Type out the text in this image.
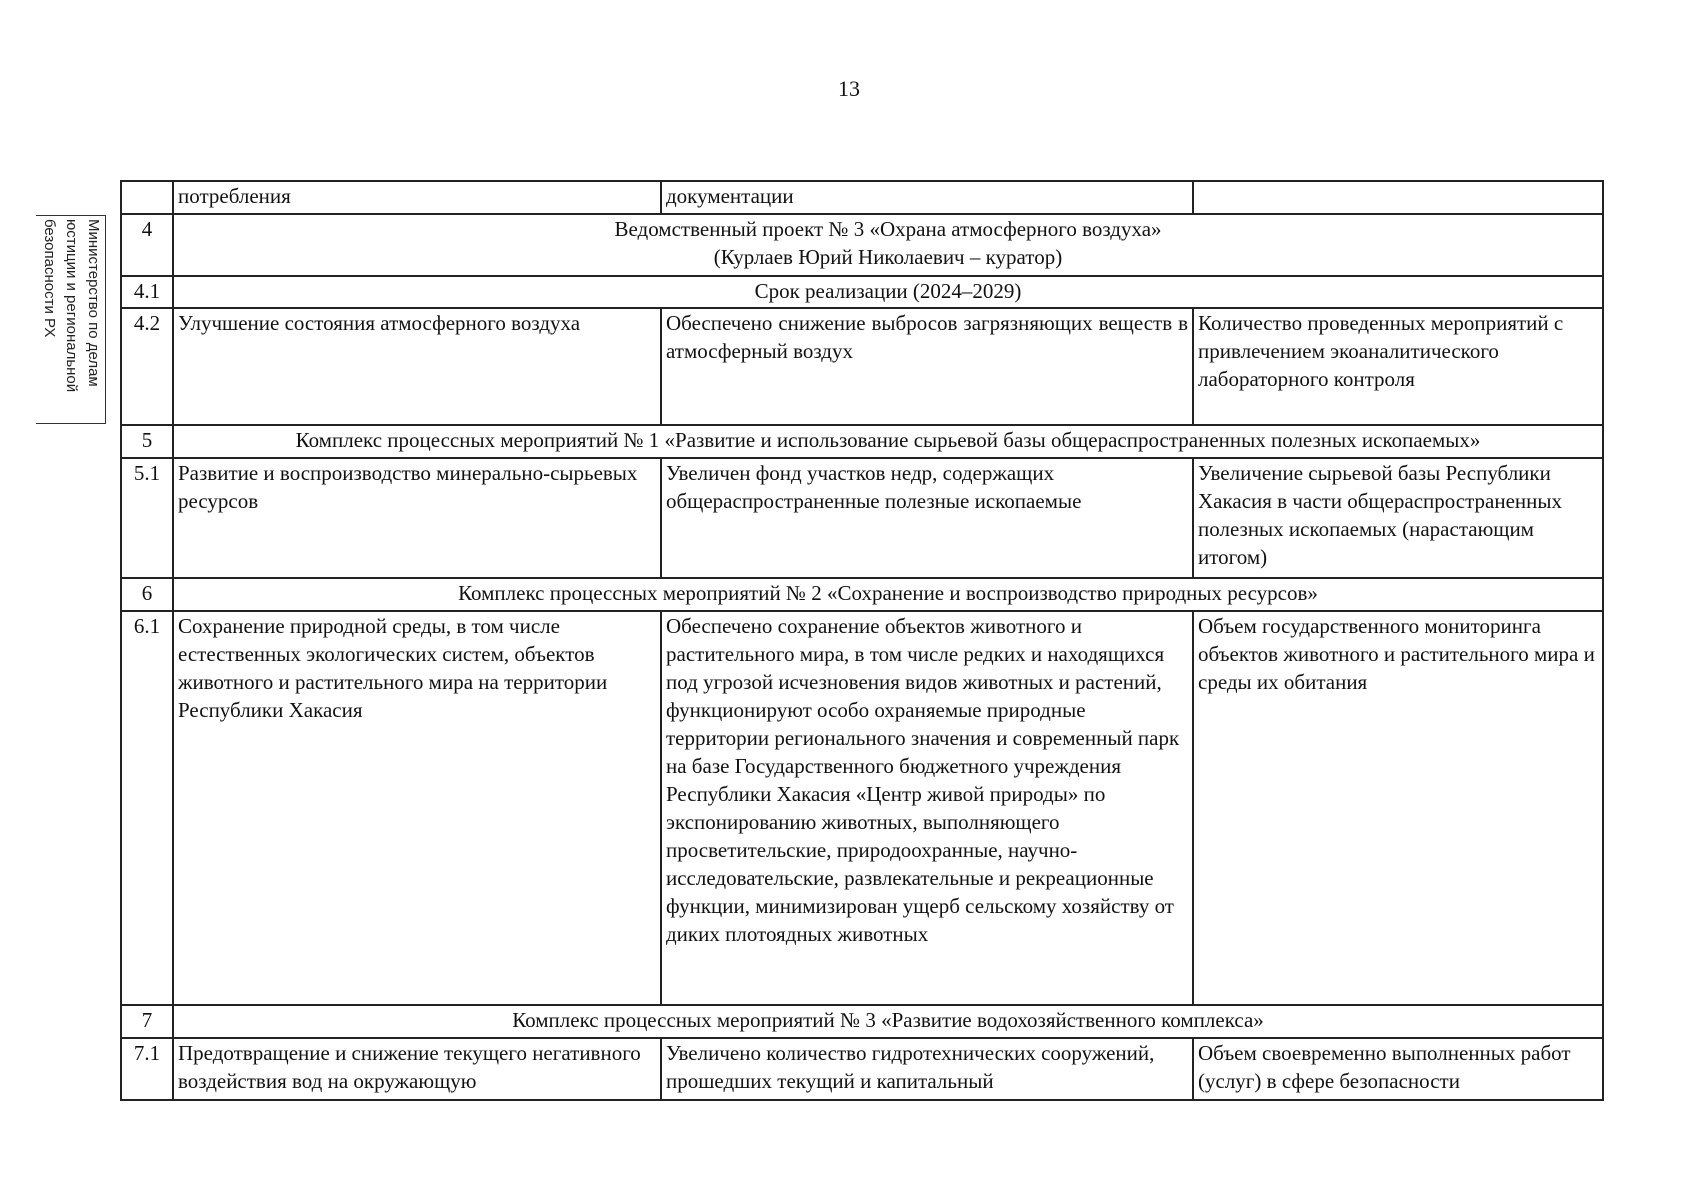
13
Министерство по делам
юстиции и региональной
безопасности РХ
	потребления	документации	
4	Ведомственный проект № 3 «Охрана атмосферного воздуха»
(Курлаев Юрий Николаевич – куратор)		

4.1	Срок реализации (2024–2029)		

4.2	Улучшение состояния атмосферного воздуха	Обеспечено снижение выбросов загрязняющих веществ в атмосферный воздух	Количество проведенных мероприятий с привлечением экоаналитического лабораторного контроля
5	Комплекс процессных мероприятий № 1 «Развитие и использование сырьевой базы общераспространенных полезных ископаемых»		

5.1	Развитие и воспроизводство минерально-сырьевых ресурсов	Увеличен фонд участков недр, содержащих общераспространенные полезные ископаемые	Увеличение сырьевой базы Республики Хакасия в части общераспространенных полезных ископаемых (нарастающим итогом)
6	Комплекс процессных мероприятий № 2 «Сохранение и воспроизводство природных ресурсов»		

6.1	Сохранение природной среды, в том числе естественных экологических систем, объектов животного и растительного мира на территории Республики Хакасия	Обеспечено сохранение объектов животного и растительного мира, в том числе редких и находящихся под угрозой исчезновения видов животных и растений, функционируют особо охраняемые природные территории регионального значения и современный парк на базе Государственного бюджетного учреждения Республики Хакасия «Центр живой природы» по экспонированию животных, выполняющего просветительские, природоохранные, научно-исследовательские, развлекательные и рекреационные функции, минимизирован ущерб сельскому хозяйству от диких плотоядных животных	Объем государственного мониторинга объектов животного и растительного мира и среды их обитания
7	Комплекс процессных мероприятий № 3 «Развитие водохозяйственного комплекса»		

7.1	Предотвращение и снижение текущего негативного воздействия вод на окружающую	Увеличено количество гидротехнических сооружений, прошедших текущий и капитальный	Объем своевременно выполненных работ (услуг) в сфере безопасности
